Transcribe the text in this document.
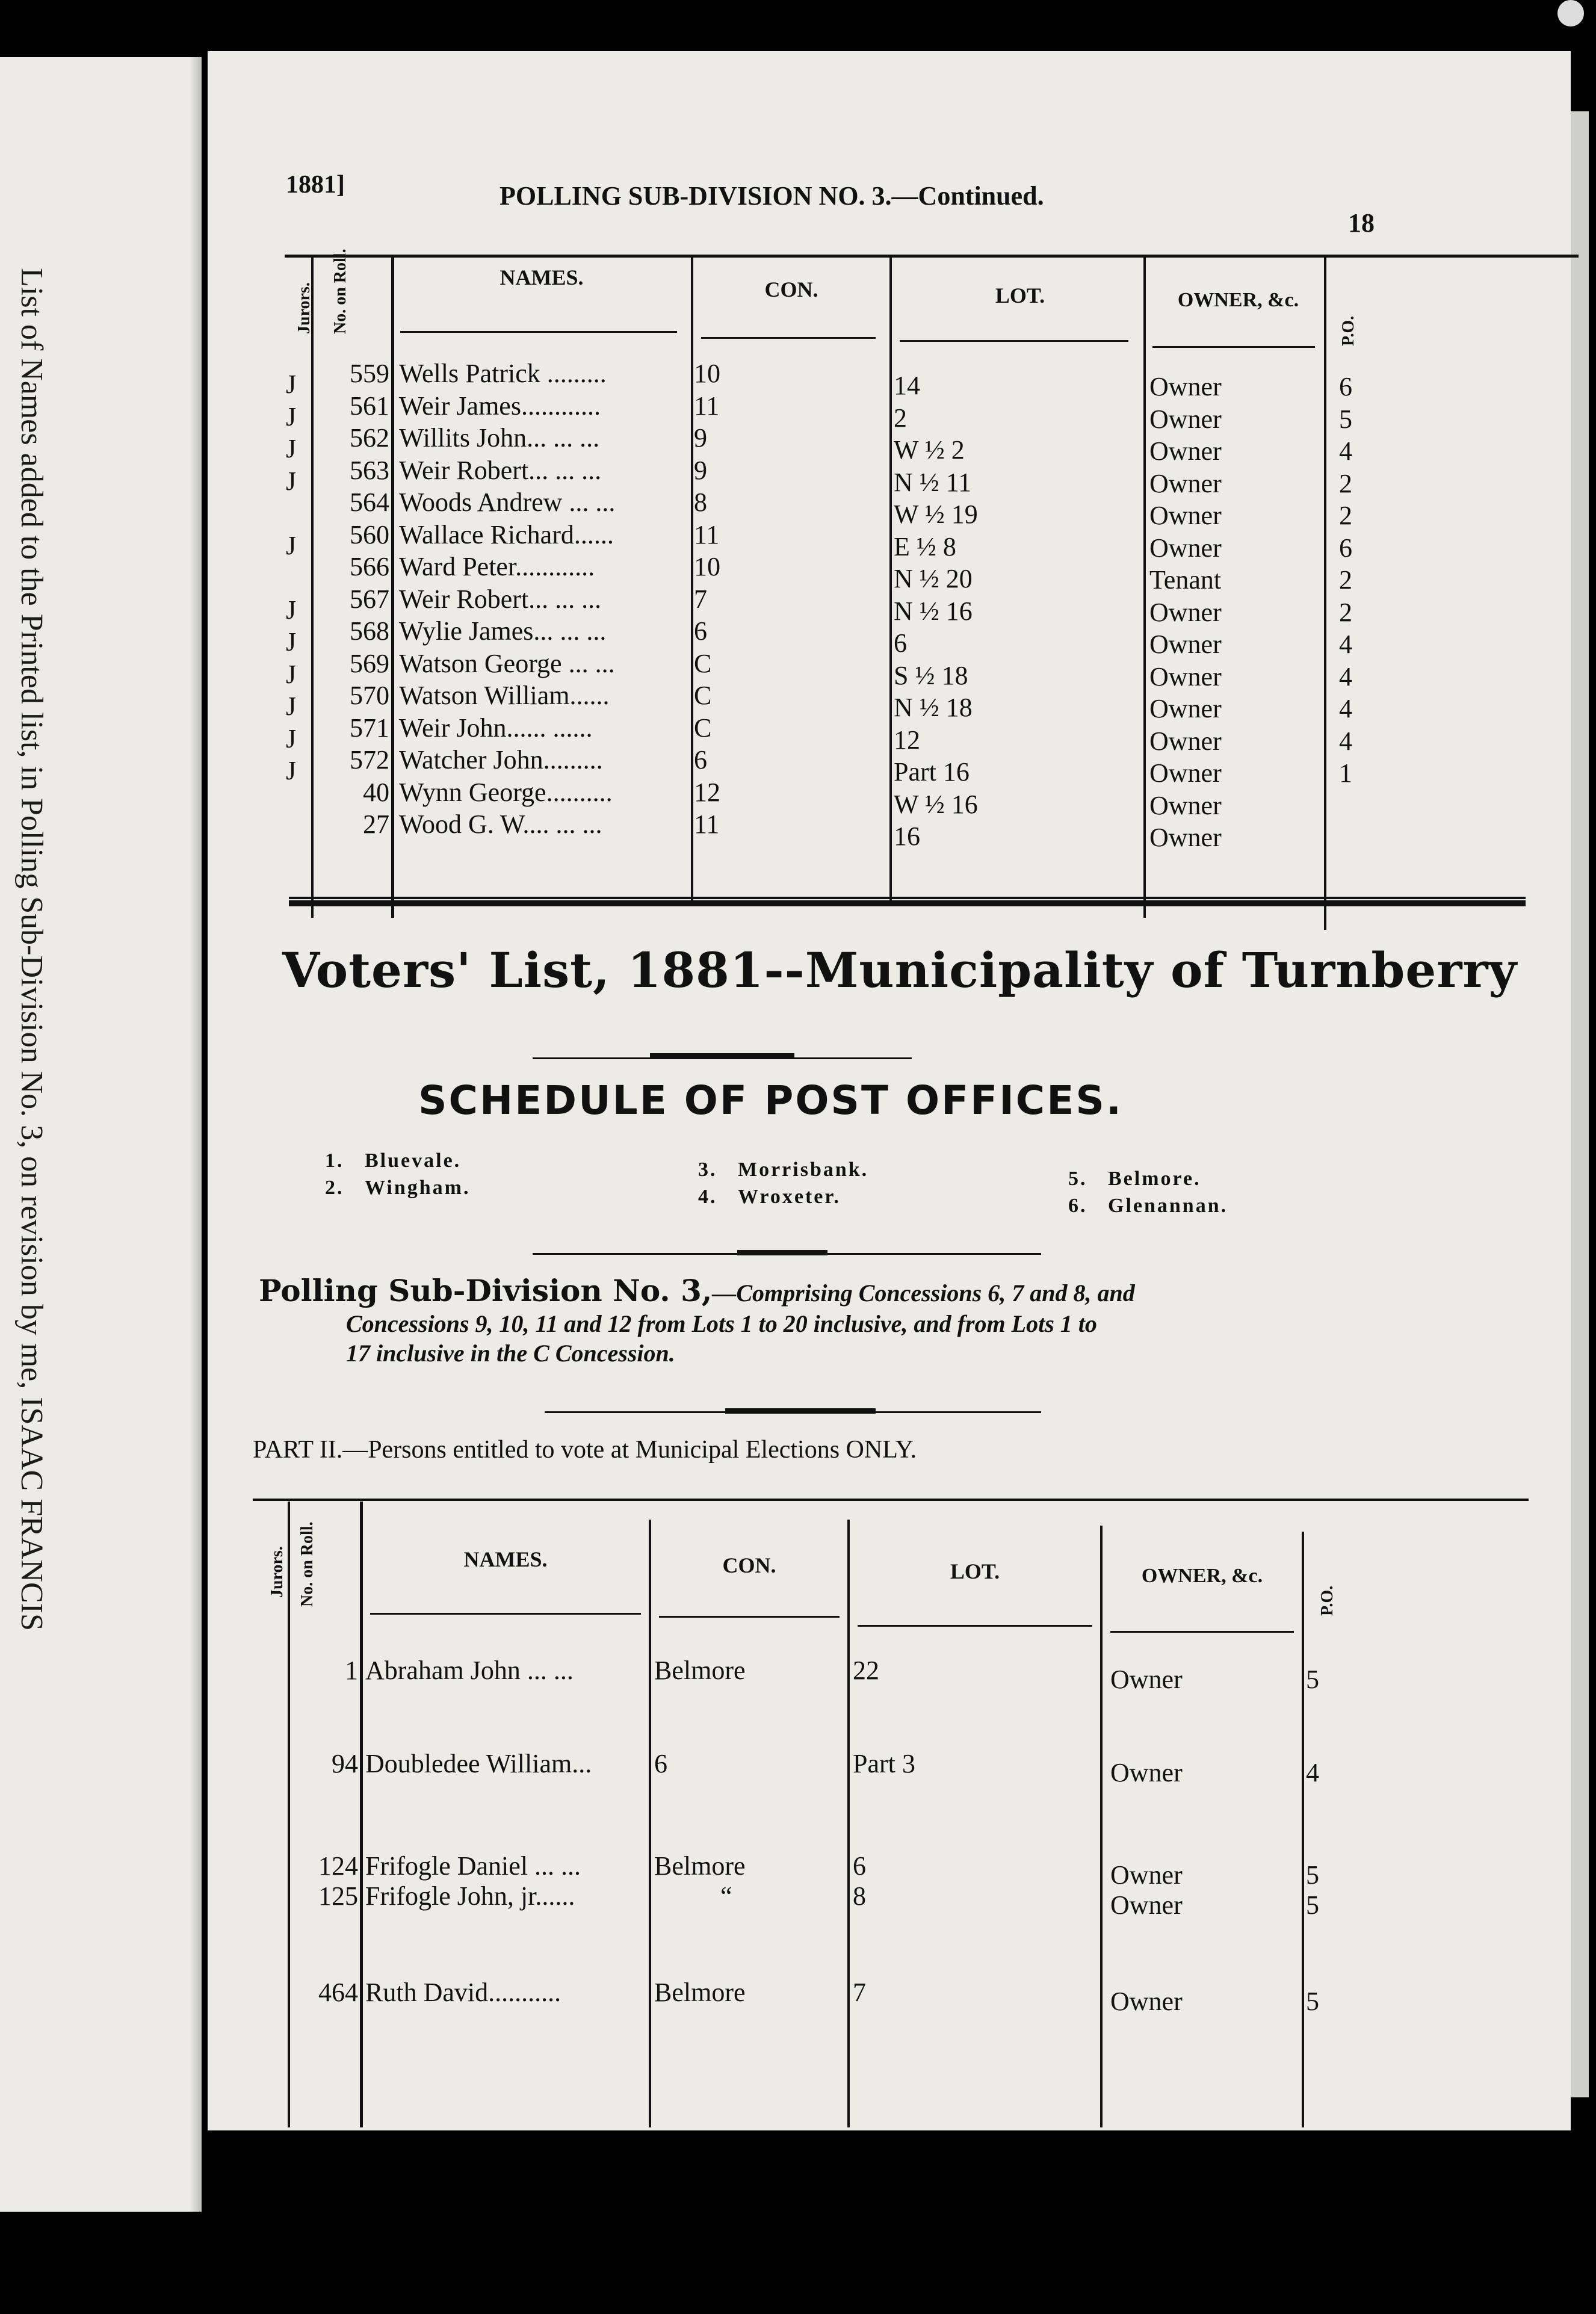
List of Names added to the Printed list, in Polling Sub-Division No. 3, on revision by me, ISAAC FRANCIS
1881]	POLLING SUB-DIVISION NO. 3.—Continued.
18
Jurors. No. on Roll.	NAMES.	CON.	LOT.	OWNER, &c.
P.O.
J 559 Wells Patrick .........	10	14	Owner	6
J 561 Weir James............	11	2	Owner	5
J 562 Willits John... ... ...	9	W ½ 2	Owner	4
J 563 Weir Robert... ... ...	9	N ½ 11	Owner	2
564 Woods Andrew ... ...	8	W ½ 19	Owner	2
J 560 Wallace Richard......	11	E ½ 8	Owner	6
566 Ward Peter............	10	N ½ 20	Tenant	2
J 567 Weir Robert... ... ...	7	N ½ 16	Owner	2
J 568 Wylie James... ... ...	6	6	Owner	4
J 569 Watson George ... ...	C	S ½ 18	Owner	4
J 570 Watson William......	C	N ½ 18	Owner	4
J 571 Weir John...... ......	C	12	Owner	4
J 572 Watcher John.........	6	Part 16	Owner	1
40 Wynn George..........	12	W ½ 16	Owner
27 Wood G. W.... ... ...	11	16	Owner
Voters' List, 1881--Municipality of Turnberry
SCHEDULE OF POST OFFICES.
1. Bluevale.
2. Wingham.
3. Morrisbank.
4. Wroxeter.
5. Belmore.
6. Glenannan.
Polling Sub-Division No. 3,—Comprising Concessions 6, 7 and 8, and
Concessions 9, 10, 11 and 12 from Lots 1 to 20 inclusive, and from Lots 1 to
17 inclusive in the C Concession.
PART II.—Persons entitled to vote at Municipal Elections ONLY.
Jurors. No. on Roll.	NAMES.	CON.	LOT.	OWNER, &c.
P.O.
1 Abraham John ... ...	Belmore	22	Owner	5
94 Doubledee William... 6	Part 3	Owner	4
124 Frifogle Daniel ... ...	Belmore	6	Owner	5
125 Frifogle John, jr......	“	8	Owner	5
464 Ruth David...........	Belmore	7	Owner	5
